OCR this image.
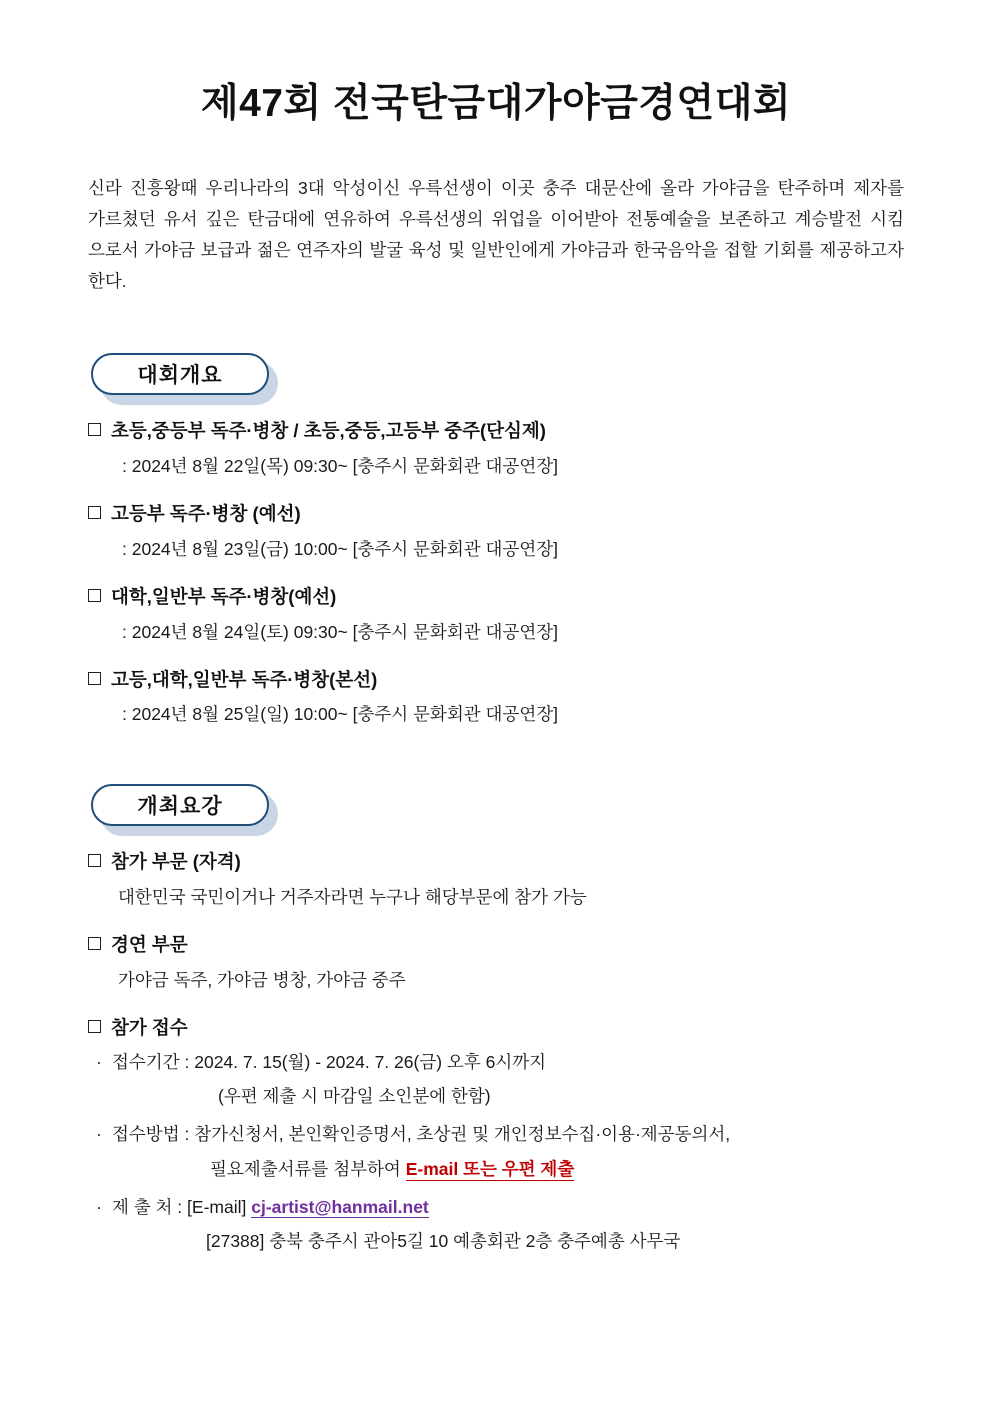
제47회 전국탄금대가야금경연대회

신라 진흥왕때 우리나라의 3대 악성이신 우륵선생이 이곳 충주 대문산에 올라 가야금을 탄주하며 제자를 가르쳤던 유서 깊은 탄금대에 연유하여 우륵선생의 위업을 이어받아 전통예술을 보존하고 계승발전 시킴 으로서 가야금 보급과 젊은 연주자의 발굴 육성 및 일반인에게 가야금과 한국음악을 접할 기회를 제공하고자 한다.

대회개요
초등,중등부 독주·병창 / 초등,중등,고등부 중주(단심제)
: 2024년 8월 22일(목) 09:30~ [충주시 문화회관 대공연장]
고등부 독주·병창 (예선)
: 2024년 8월 23일(금) 10:00~ [충주시 문화회관 대공연장]
대학,일반부 독주·병창(예선)
: 2024년 8월 24일(토) 09:30~ [충주시 문화회관 대공연장]
고등,대학,일반부 독주·병창(본선)
: 2024년 8월 25일(일) 10:00~ [충주시 문화회관 대공연장]
개최요강
참가 부문 (자격)
대한민국 국민이거나 거주자라면 누구나 해당부문에 참가 가능
경연 부문
가야금 독주, 가야금 병창, 가야금 중주
참가 접수
· 접수기간 : 2024. 7. 15(월) - 2024. 7. 26(금) 오후 6시까지
(우편 제출 시 마감일 소인분에 한함)
· 접수방법 : 참가신청서, 본인확인증명서, 초상권 및 개인정보수집·이용·제공동의서,
필요제출서류를 첨부하여 E-mail 또는 우편 제출
· 제 출 처 : [E-mail] cj-artist@hanmail.net
[27388] 충북 충주시 관아5길 10 예총회관 2층 충주예총 사무국
